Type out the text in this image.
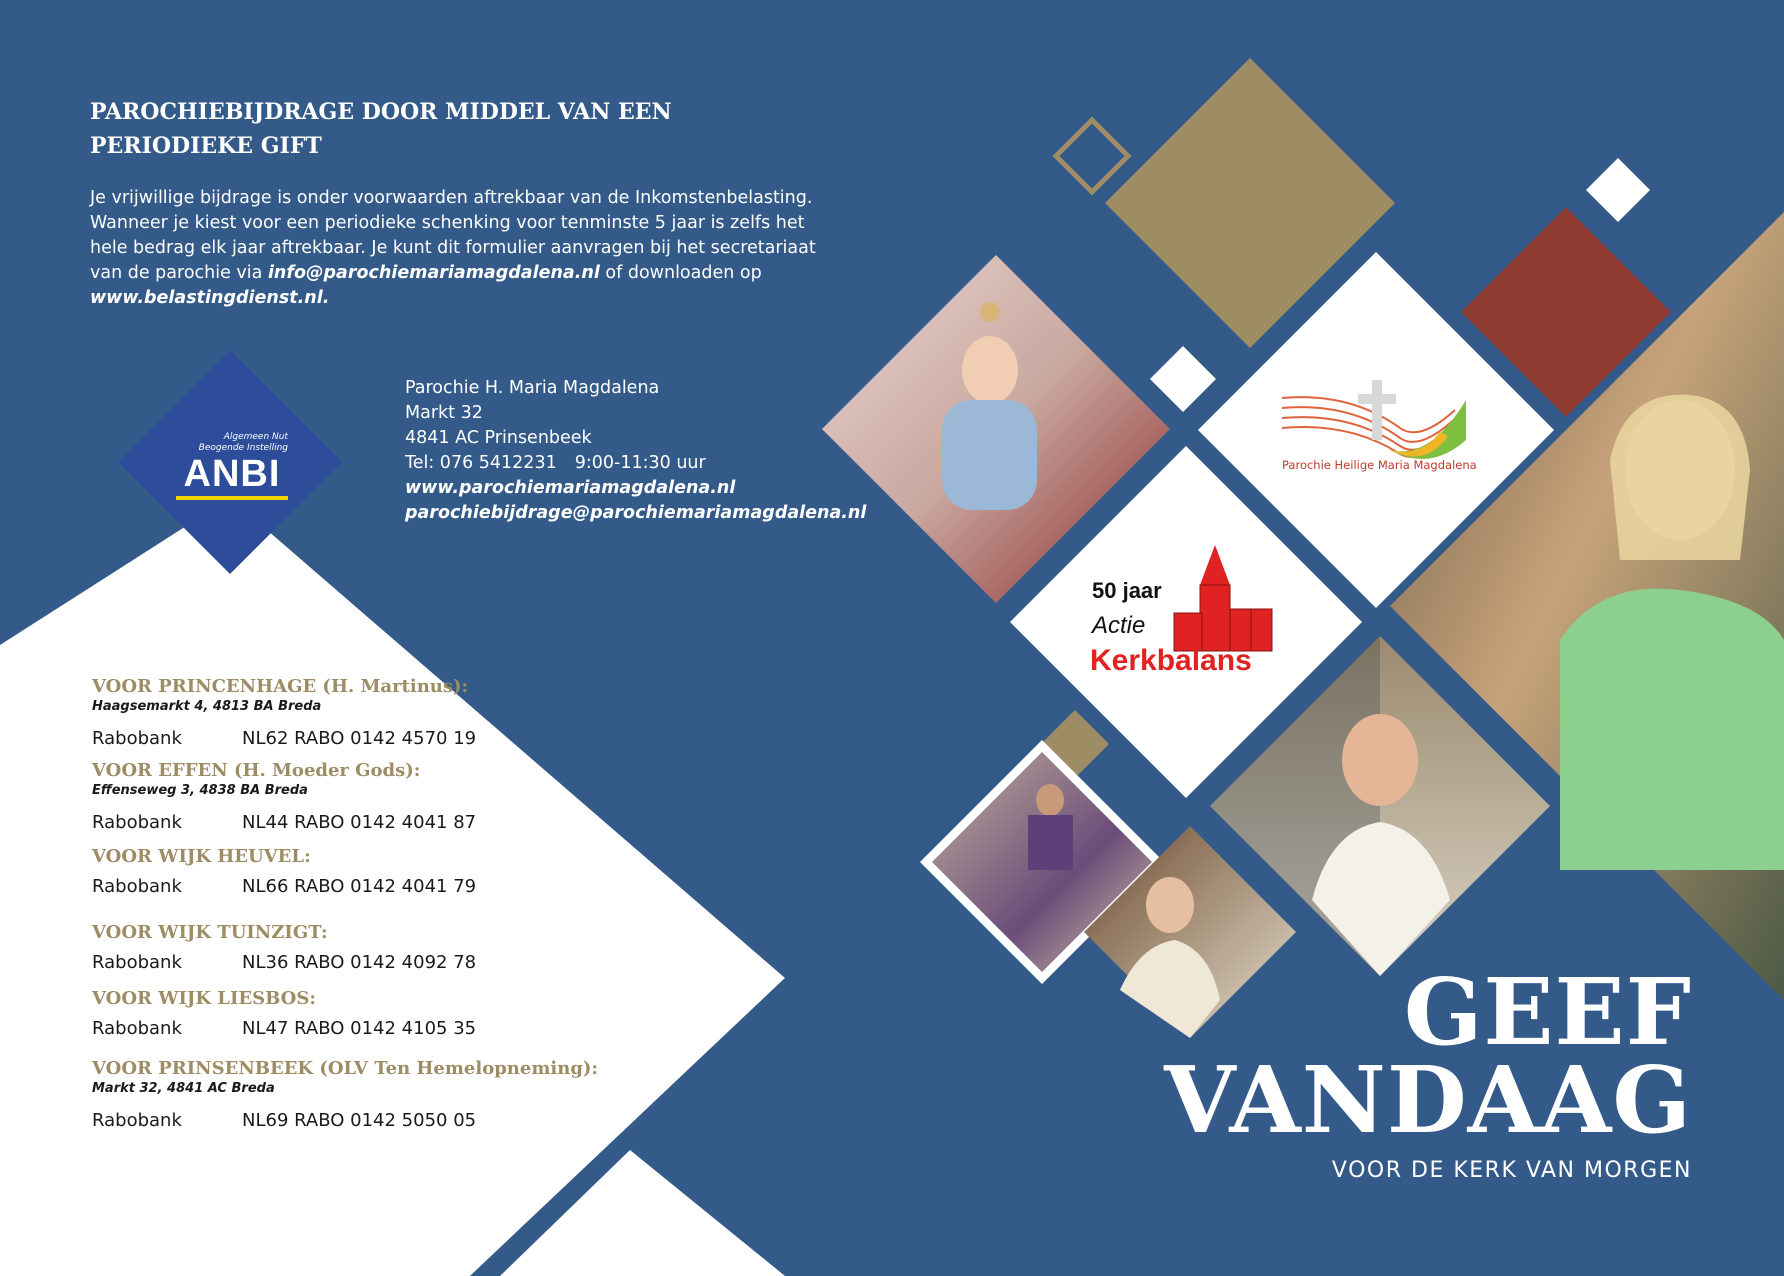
PAROCHIEBIJDRAGE DOOR MIDDEL VAN EEN
PERIODIEKE GIFT
Je vrijwillige bijdrage is onder voorwaarden aftrekbaar van de Inkomstenbelasting. Wanneer je kiest voor een periodieke schenking voor tenminste 5 jaar is zelfs het hele bedrag elk jaar aftrekbaar. Je kunt dit formulier aanvragen bij het secretariaat van de parochie via info@parochiemariamagdalena.nl of downloaden op
www.belastingdienst.nl.
Algemeen Nut
Beogende Instelling
ANBI
Parochie H. Maria Magdalena
Markt 32
4841 AC Prinsenbeek
Tel: 076 5412231 9:00-11:30 uur
www.parochiemariamagdalena.nl
parochiebijdrage@parochiemariamagdalena.nl
VOOR PRINCENHAGE (H. Martinus):
Haagsemarkt 4, 4813 BA Breda
Rabobank	NL62 RABO 0142 4570 19
VOOR EFFEN (H. Moeder Gods):
Effenseweg 3, 4838 BA Breda
Rabobank	NL44 RABO 0142 4041 87
VOOR WIJK HEUVEL:
Rabobank	NL66 RABO 0142 4041 79
VOOR WIJK TUINZIGT:
Rabobank	NL36 RABO 0142 4092 78
VOOR WIJK LIESBOS:
Rabobank	NL47 RABO 0142 4105 35
VOOR PRINSENBEEK (OLV Ten Hemelopneming):
Markt 32, 4841 AC Breda
Rabobank	NL69 RABO 0142 5050 05
Parochie Heilige Maria Magdalena
50 jaar
Actie
Kerkbalans
GEEF
VANDAAG
VOOR DE KERK VAN MORGEN
